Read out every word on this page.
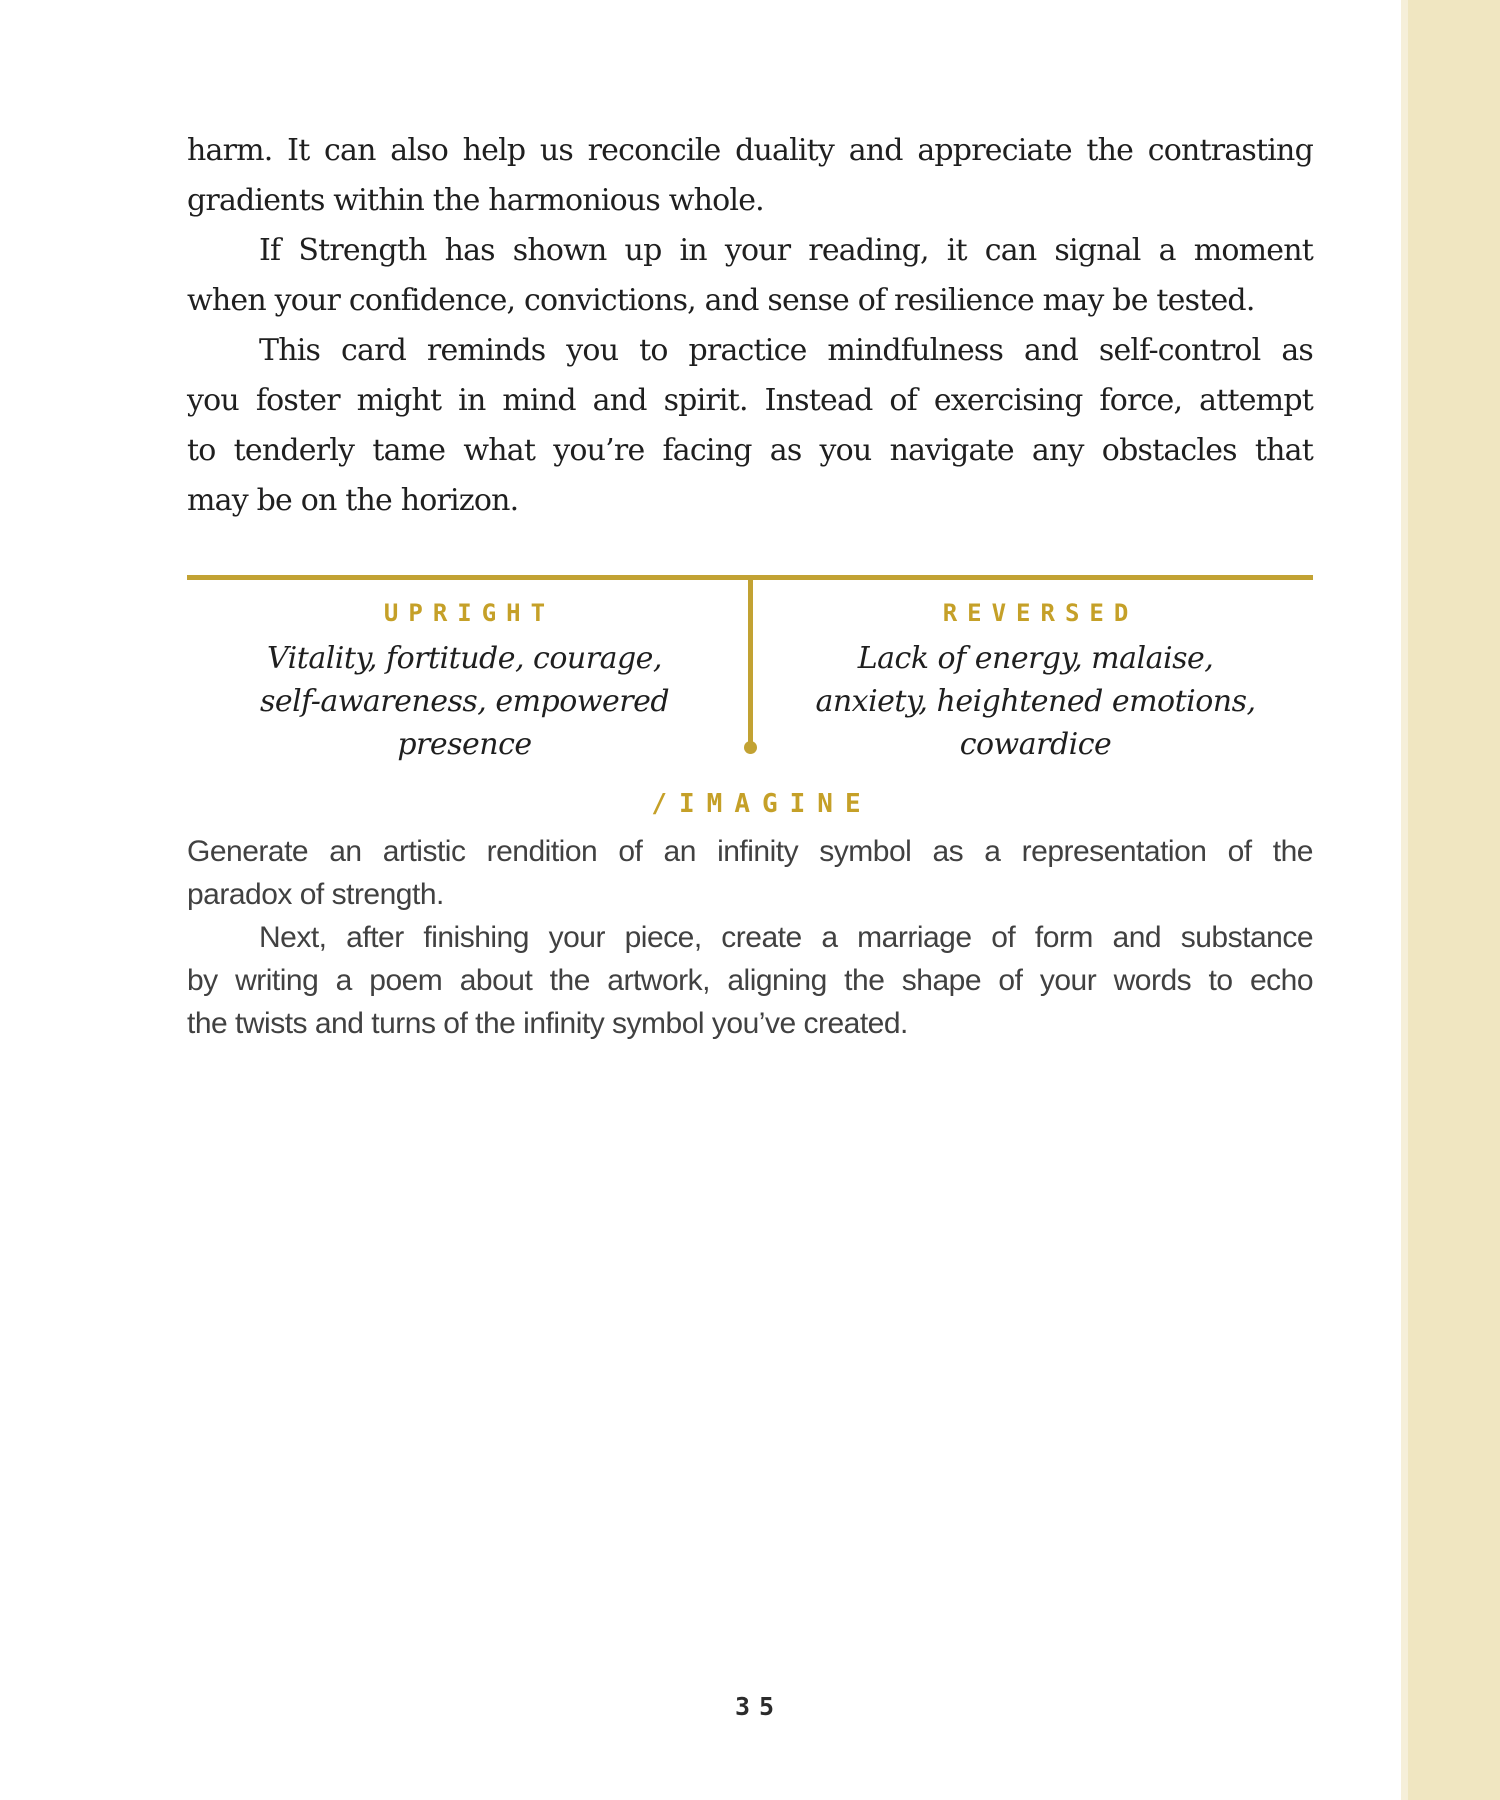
harm. It can also help us reconcile duality and appreciate the contrasting
gradients within the harmonious whole.
If Strength has shown up in your reading, it can signal a moment
when your confidence, convictions, and sense of resilience may be tested.
This card reminds you to practice mindfulness and self-control as
you foster might in mind and spirit. Instead of exercising force, attempt
to tenderly tame what you’re facing as you navigate any obstacles that
may be on the horizon.
UPRIGHT
Vitality, fortitude, courage,
self-awareness, empowered
presence
REVERSED
Lack of energy, malaise,
anxiety, heightened emotions,
cowardice
/IMAGINE
Generate an artistic rendition of an infinity symbol as a representation of the
paradox of strength.
Next, after finishing your piece, create a marriage of form and substance
by writing a poem about the artwork, aligning the shape of your words to echo
the twists and turns of the infinity symbol you’ve created.
35
